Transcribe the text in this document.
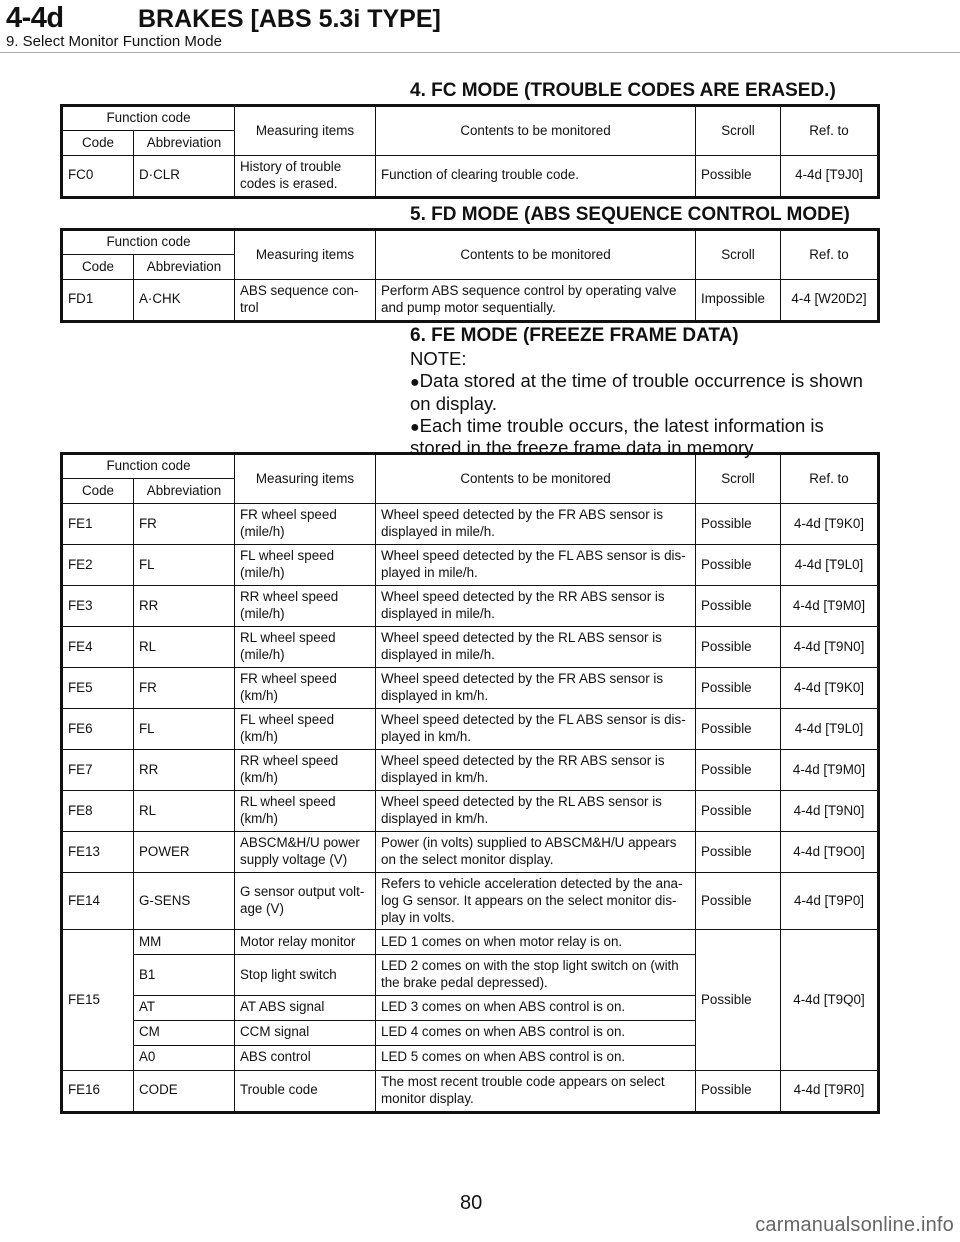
4-4d	BRAKES [ABS 5.3i TYPE]
9. Select Monitor Function Mode
4. FC MODE (TROUBLE CODES ARE ERASED.)
Function code		Measuring items	Contents to be monitored	Scroll	Ref. to
Code	Abbreviation				
FC0	D·CLR	History of trouble codes is erased.	Function of clearing trouble code.	Possible	4-4d [T9J0]
5. FD MODE (ABS SEQUENCE CONTROL MODE)
Function code		Measuring items	Contents to be monitored	Scroll	Ref. to
Code	Abbreviation				
FD1	A·CHK	ABS sequence con- trol	Perform ABS sequence control by operating valve and pump motor sequentially.	Impossible	4-4 [W20D2]
6. FE MODE (FREEZE FRAME DATA)

NOTE:

●Data stored at the time of trouble occurrence is shown on display.

●Each time trouble occurs, the latest information is stored in the freeze frame data in memory.

Function code		Measuring items	Contents to be monitored	Scroll	Ref. to
Code	Abbreviation				
FE1	FR	FR wheel speed (mile/h)	Wheel speed detected by the FR ABS sensor is displayed in mile/h.	Possible	4-4d [T9K0]
FE2	FL	FL wheel speed (mile/h)	Wheel speed detected by the FL ABS sensor is dis- played in mile/h.	Possible	4-4d [T9L0]
FE3	RR	RR wheel speed (mile/h)	Wheel speed detected by the RR ABS sensor is displayed in mile/h.	Possible	4-4d [T9M0]
FE4	RL	RL wheel speed (mile/h)	Wheel speed detected by the RL ABS sensor is displayed in mile/h.	Possible	4-4d [T9N0]
FE5	FR	FR wheel speed (km/h)	Wheel speed detected by the FR ABS sensor is displayed in km/h.	Possible	4-4d [T9K0]
FE6	FL	FL wheel speed (km/h)	Wheel speed detected by the FL ABS sensor is dis- played in km/h.	Possible	4-4d [T9L0]
FE7	RR	RR wheel speed (km/h)	Wheel speed detected by the RR ABS sensor is displayed in km/h.	Possible	4-4d [T9M0]
FE8	RL	RL wheel speed (km/h)	Wheel speed detected by the RL ABS sensor is displayed in km/h.	Possible	4-4d [T9N0]
FE13	POWER	ABSCM&H/U power supply voltage (V)	Power (in volts) supplied to ABSCM&H/U appears on the select monitor display.	Possible	4-4d [T9O0]
FE14	G-SENS	G sensor output volt- age (V)	Refers to vehicle acceleration detected by the ana- log G sensor. It appears on the select monitor dis- play in volts.	Possible	4-4d [T9P0]
FE15	MM	Motor relay monitor	LED 1 comes on when motor relay is on.	Possible	4-4d [T9Q0]
	B1	Stop light switch	LED 2 comes on with the stop light switch on (with the brake pedal depressed).		
	AT	AT ABS signal	LED 3 comes on when ABS control is on.		
	CM	CCM signal	LED 4 comes on when ABS control is on.		
	A0	ABS control	LED 5 comes on when ABS control is on.		
FE16	CODE	Trouble code	The most recent trouble code appears on select monitor display.	Possible	4-4d [T9R0]
80
carmanualsonline.info
